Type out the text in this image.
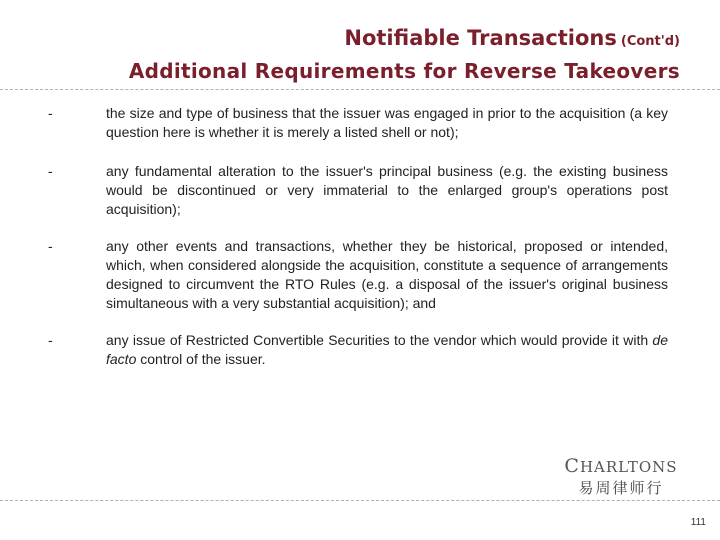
Notifiable Transactions (Cont'd)
Additional Requirements for Reverse Takeovers
-	the size and type of business that the issuer was engaged in prior to the acquisition (a key question here is whether it is merely a listed shell or not);
-	any fundamental alteration to the issuer's principal business (e.g. the existing business would be discontinued or very immaterial to the enlarged group's operations post acquisition);
-	any other events and transactions, whether they be historical, proposed or intended, which, when considered alongside the acquisition, constitute a sequence of arrangements designed to circumvent the RTO Rules (e.g. a disposal of the issuer's original business simultaneous with a very substantial acquisition); and
-	any issue of Restricted Convertible Securities to the vendor which would provide it with de facto control of the issuer.
CHARLTONS
易周律师行
111
